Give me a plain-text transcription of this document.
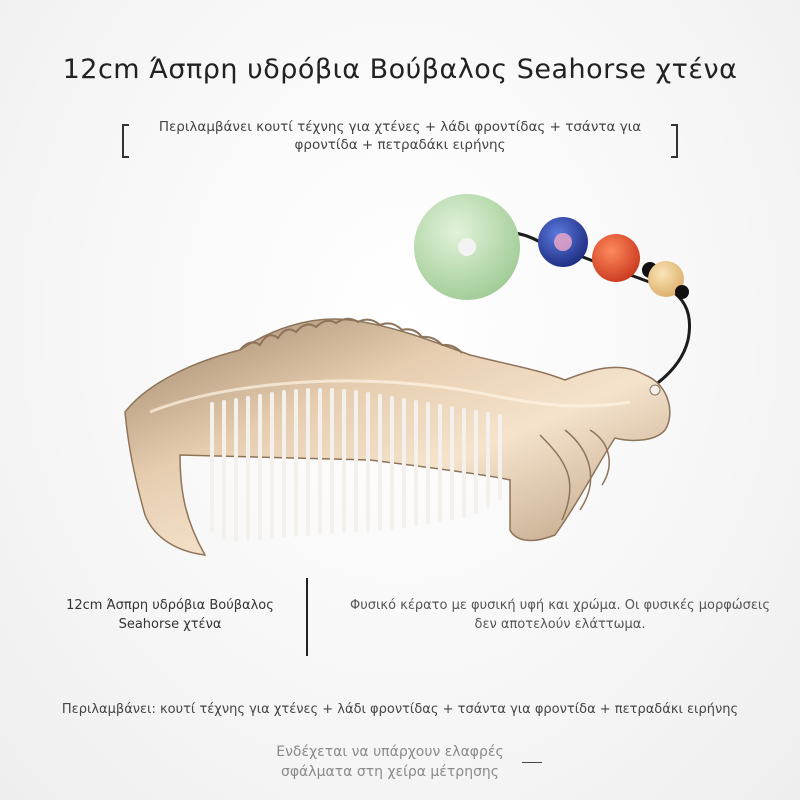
12cm Άσπρη υδρόβια Βούβαλος Seahorse χτένα
Περιλαμβάνει κουτί τέχνης για χτένες + λάδι φροντίδας + τσάντα για φροντίδα + πετραδάκι ειρήνης
12cm Άσπρη υδρόβια Βούβαλος Seahorse χτένα
Φυσικό κέρατο με φυσική υφή και χρώμα. Οι φυσικές μορφώσεις δεν αποτελούν ελάττωμα.
Περιλαμβάνει: κουτί τέχνης για χτένες + λάδι φροντίδας + τσάντα για φροντίδα + πετραδάκι ειρήνης
Ενδέχεται να υπάρχουν ελαφρές σφάλματα στη χείρα μέτρησης
